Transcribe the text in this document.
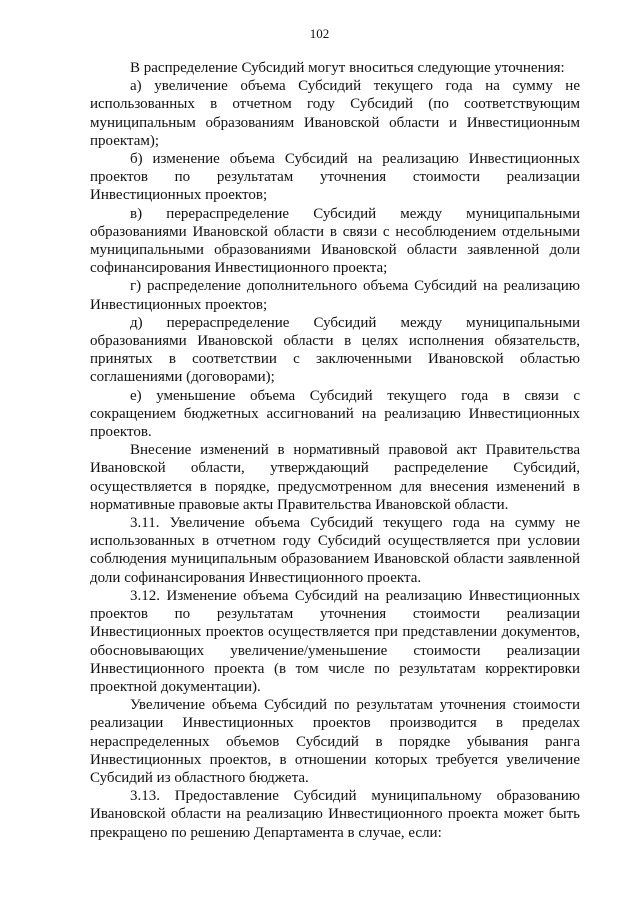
102

В распределение Субсидий могут вноситься следующие уточнения:

а) увеличение объема Субсидий текущего года на сумму не использованных в отчетном году Субсидий (по соответствующим муниципальным образованиям Ивановской области и Инвестиционным проектам);

б) изменение объема Субсидий на реализацию Инвестиционных проектов по результатам уточнения стоимости реализации Инвестиционных проектов;

в) перераспределение Субсидий между муниципальными образованиями Ивановской области в связи с несоблюдением отдельными муниципальными образованиями Ивановской области заявленной доли софинансирования Инвестиционного проекта;

г) распределение дополнительного объема Субсидий на реализацию Инвестиционных проектов;

д) перераспределение Субсидий между муниципальными образованиями Ивановской области в целях исполнения обязательств, принятых в соответствии с заключенными Ивановской областью соглашениями (договорами);

е) уменьшение объема Субсидий текущего года в связи с сокращением бюджетных ассигнований на реализацию Инвестиционных проектов.

Внесение изменений в нормативный правовой акт Правительства Ивановской области, утверждающий распределение Субсидий, осуществляется в порядке, предусмотренном для внесения изменений в нормативные правовые акты Правительства Ивановской области.

3.11. Увеличение объема Субсидий текущего года на сумму не использованных в отчетном году Субсидий осуществляется при условии соблюдения муниципальным образованием Ивановской области заявленной доли софинансирования Инвестиционного проекта.

3.12. Изменение объема Субсидий на реализацию Инвестиционных проектов по результатам уточнения стоимости реализации Инвестиционных проектов осуществляется при представлении документов, обосновывающих увеличение/уменьшение стоимости реализации Инвестиционного проекта (в том числе по результатам корректировки проектной документации).

Увеличение объема Субсидий по результатам уточнения стоимости реализации Инвестиционных проектов производится в пределах нераспределенных объемов Субсидий в порядке убывания ранга Инвестиционных проектов, в отношении которых требуется увеличение Субсидий из областного бюджета.

3.13. Предоставление Субсидий муниципальному образованию Ивановской области на реализацию Инвестиционного проекта может быть прекращено по решению Департамента в случае, если:
